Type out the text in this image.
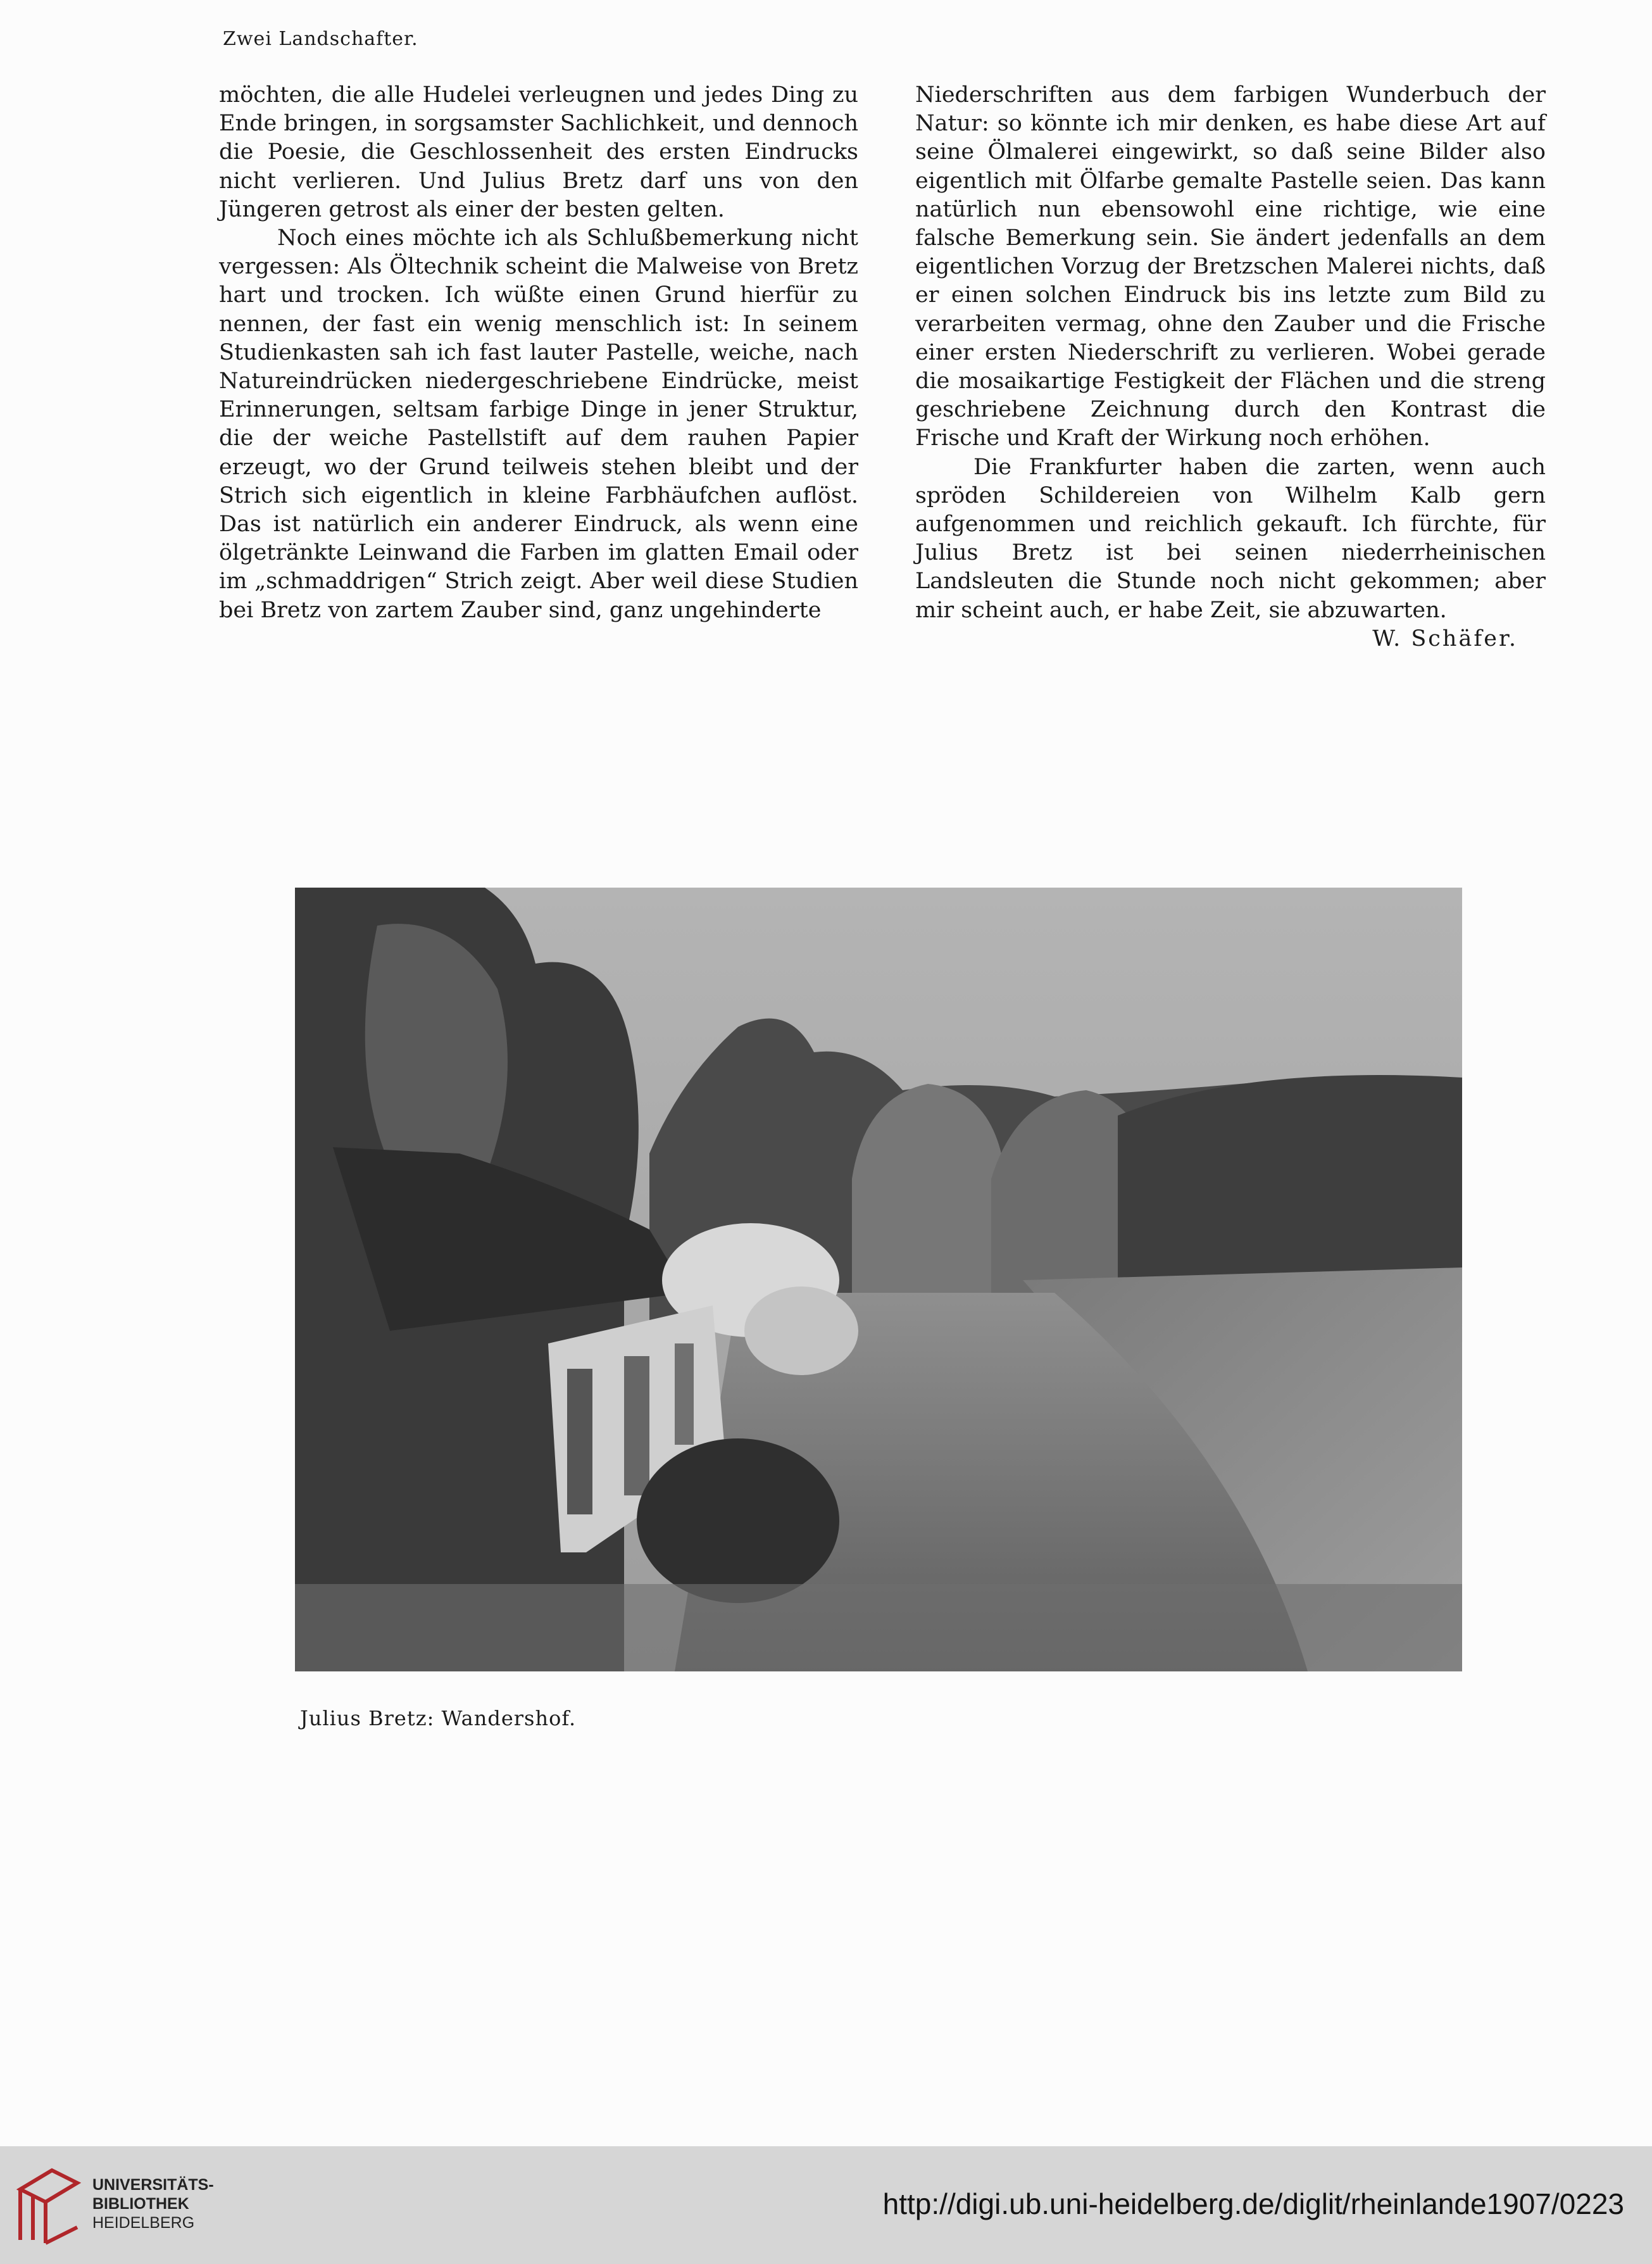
Zwei Landschafter.

möchten, die alle Hudelei verleugnen und jedes Ding zu Ende bringen, in sorgsamster Sachlichkeit, und dennoch die Poesie, die Geschlossenheit des ersten Eindrucks nicht verlieren. Und Julius Bretz darf uns von den Jüngeren getrost als einer der besten gelten.

Noch eines möchte ich als Schlußbemerkung nicht vergessen: Als Öltechnik scheint die Malweise von Bretz hart und trocken. Ich wüßte einen Grund hierfür zu nennen, der fast ein wenig menschlich ist: In seinem Studienkasten sah ich fast lauter Pastelle, weiche, nach Natureindrücken niedergeschriebene Eindrücke, meist Erinnerungen, seltsam farbige Dinge in jener Struktur, die der weiche Pastellstift auf dem rauhen Papier erzeugt, wo der Grund teilweis stehen bleibt und der Strich sich eigentlich in kleine Farbhäufchen auflöst. Das ist natürlich ein anderer Eindruck, als wenn eine ölgetränkte Leinwand die Farben im glatten Email oder im „schmaddrigen“ Strich zeigt. Aber weil diese Studien bei Bretz von zartem Zauber sind, ganz ungehinderte

Niederschriften aus dem farbigen Wunderbuch der Natur: so könnte ich mir denken, es habe diese Art auf seine Ölmalerei eingewirkt, so daß seine Bilder also eigentlich mit Ölfarbe gemalte Pastelle seien. Das kann natürlich nun ebensowohl eine richtige, wie eine falsche Bemerkung sein. Sie ändert jedenfalls an dem eigentlichen Vorzug der Bretzschen Malerei nichts, daß er einen solchen Eindruck bis ins letzte zum Bild zu verarbeiten vermag, ohne den Zauber und die Frische einer ersten Niederschrift zu verlieren. Wobei gerade die mosaikartige Festigkeit der Flächen und die streng geschriebene Zeichnung durch den Kontrast die Frische und Kraft der Wirkung noch erhöhen.

Die Frankfurter haben die zarten, wenn auch spröden Schildereien von Wilhelm Kalb gern aufgenommen und reichlich gekauft. Ich fürchte, für Julius Bretz ist bei seinen niederrheinischen Landsleuten die Stunde noch nicht gekommen; aber mir scheint auch, er habe Zeit, sie abzuwarten.
W. Schäfer.

Julius Bretz: Wandershof.
UNIVERSITÄTS-
BIBLIOTHEK
HEIDELBERG
http://digi.ub.uni-heidelberg.de/diglit/rheinlande1907/0223
